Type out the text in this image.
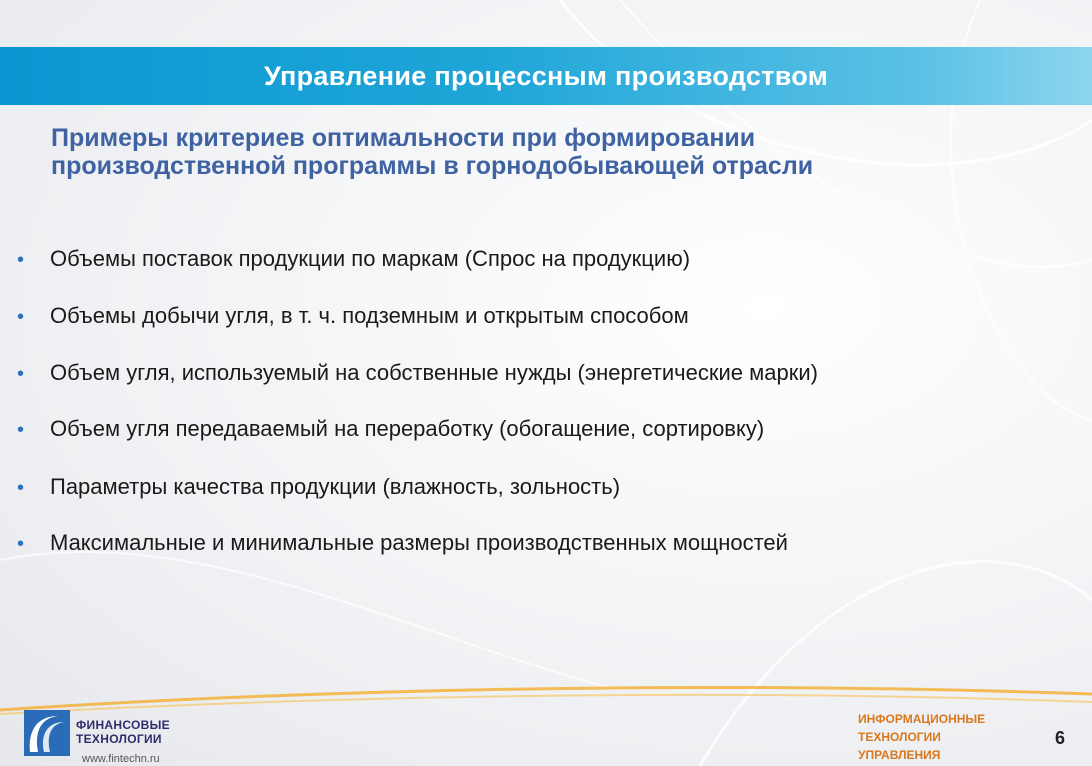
Управление процессным производством
Примеры критериев оптимальности при формировании
производственной программы в горнодобывающей отрасли
• Объемы поставок продукции по маркам (Спрос на продукцию)
• Объемы добычи угля, в т. ч. подземным и открытым способом
• Объем угля, используемый на собственные нужды (энергетические марки)
• Объем угля передаваемый на переработку (обогащение, сортировку)
• Параметры качества продукции (влажность, зольность)
• Максимальные и минимальные размеры производственных мощностей
ФИНАНСОВЫЕ
ТЕХНОЛОГИИ
www.fintechn.ru
ИНФОРМАЦИОННЫЕ
ТЕХНОЛОГИИ
УПРАВЛЕНИЯ
6
